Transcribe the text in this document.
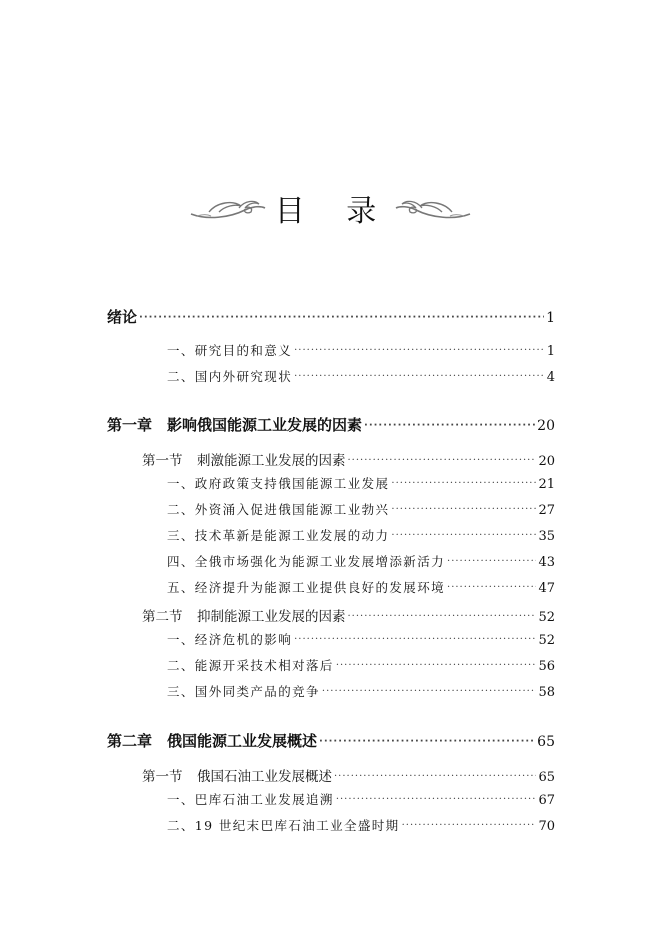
目 录
绪论 ·····	1
一、研究目的和意义 ·····	1
二、国内外研究现状 ·····	4
第一章 影响俄国能源工业发展的因素 ·····	20
第一节 刺激能源工业发展的因素 ·····	20
一、政府政策支持俄国能源工业发展 ·····	21
二、外资涌入促进俄国能源工业勃兴 ·····	27
三、技术革新是能源工业发展的动力 ·····	35
四、全俄市场强化为能源工业发展增添新活力 ·····	43
五、经济提升为能源工业提供良好的发展环境 ·····	47
第二节 抑制能源工业发展的因素 ·····	52
一、经济危机的影响 ·····	52
二、能源开采技术相对落后 ·····	56
三、国外同类产品的竞争 ·····	58
第二章 俄国能源工业发展概述 ·····	65
第一节 俄国石油工业发展概述 ·····	65
一、巴库石油工业发展追溯 ·····	67
二、19 世纪末巴库石油工业全盛时期 ·····	70
